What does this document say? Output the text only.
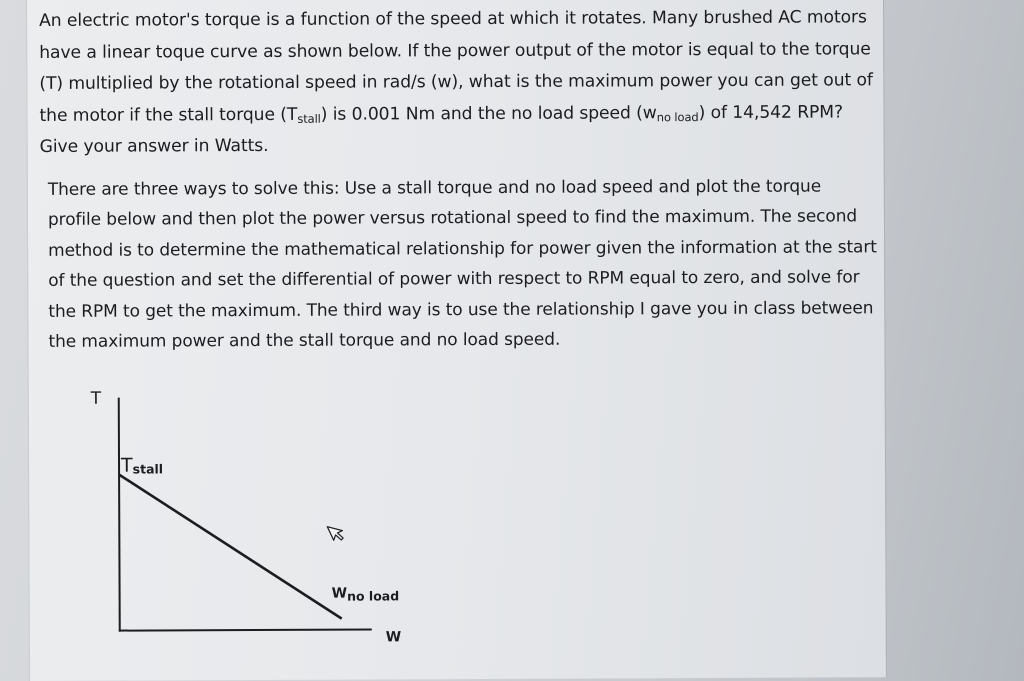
An electric motor's torque is a function of the speed at which it rotates. Many brushed AC motors have a linear toque curve as shown below. If the power output of the motor is equal to the torque (T) multiplied by the rotational speed in rad/s (w), what is the maximum power you can get out of the motor if the stall torque $(T_{stall})$ is 0.001 Nm and the no load speed $(w_{no load})$ of 14,542 RPM? Give your answer in Watts.

There are three ways to solve this: Use a stall torque and no load speed and plot the torque profile below and then plot the power versus rotational speed to find the maximum. The second method is to determine the mathematical relationship for power given the information at the start of the question and set the differential of power with respect to RPM equal to zero, and solve for the RPM to get the maximum. The third way is to use the relationship I gave you in class between the maximum power and the stall torque and no load speed.

T
Tstall
Wno load
W
